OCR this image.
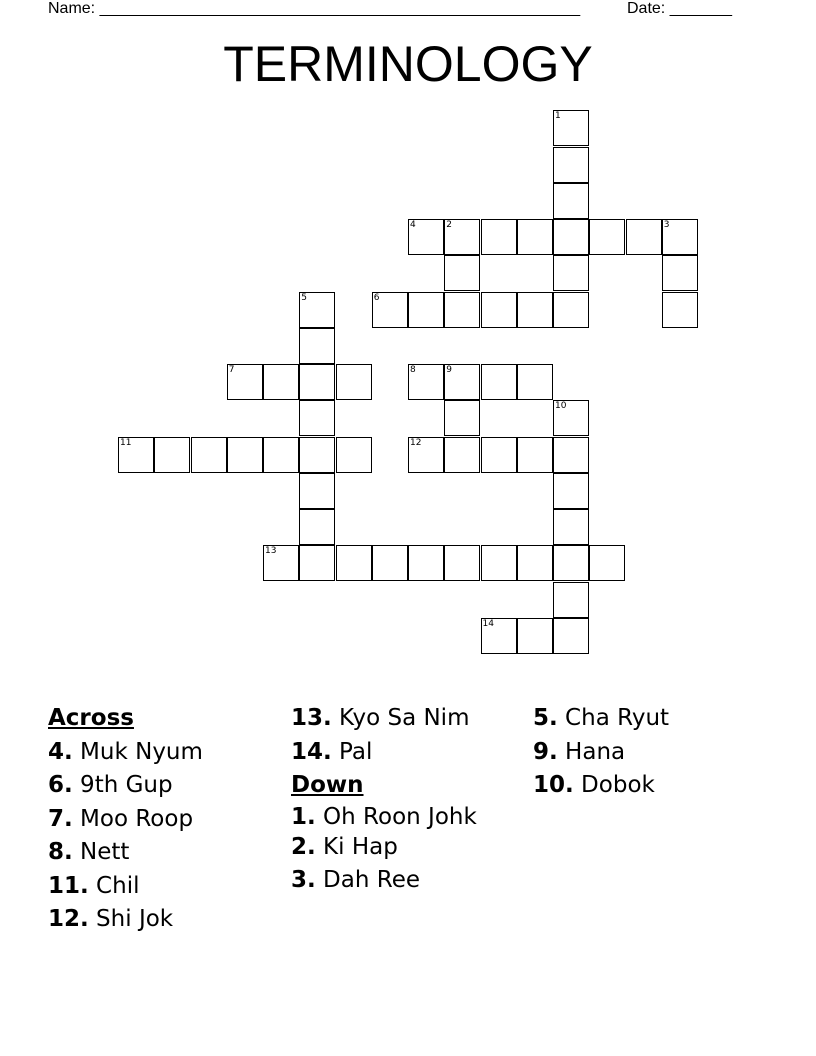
Name: ______________________________________________________	Date: _______
TERMINOLOGY
4	2	3
6
7	8	9
11	12
13
14
1
5
10
Across
4. Muk Nyum
6. 9th Gup
7. Moo Roop
8. Nett
11. Chil
12. Shi Jok
13. Kyo Sa Nim
14. Pal
Down
1. Oh Roon Johk
2. Ki Hap
3. Dah Ree
5. Cha Ryut
9. Hana
10. Dobok
